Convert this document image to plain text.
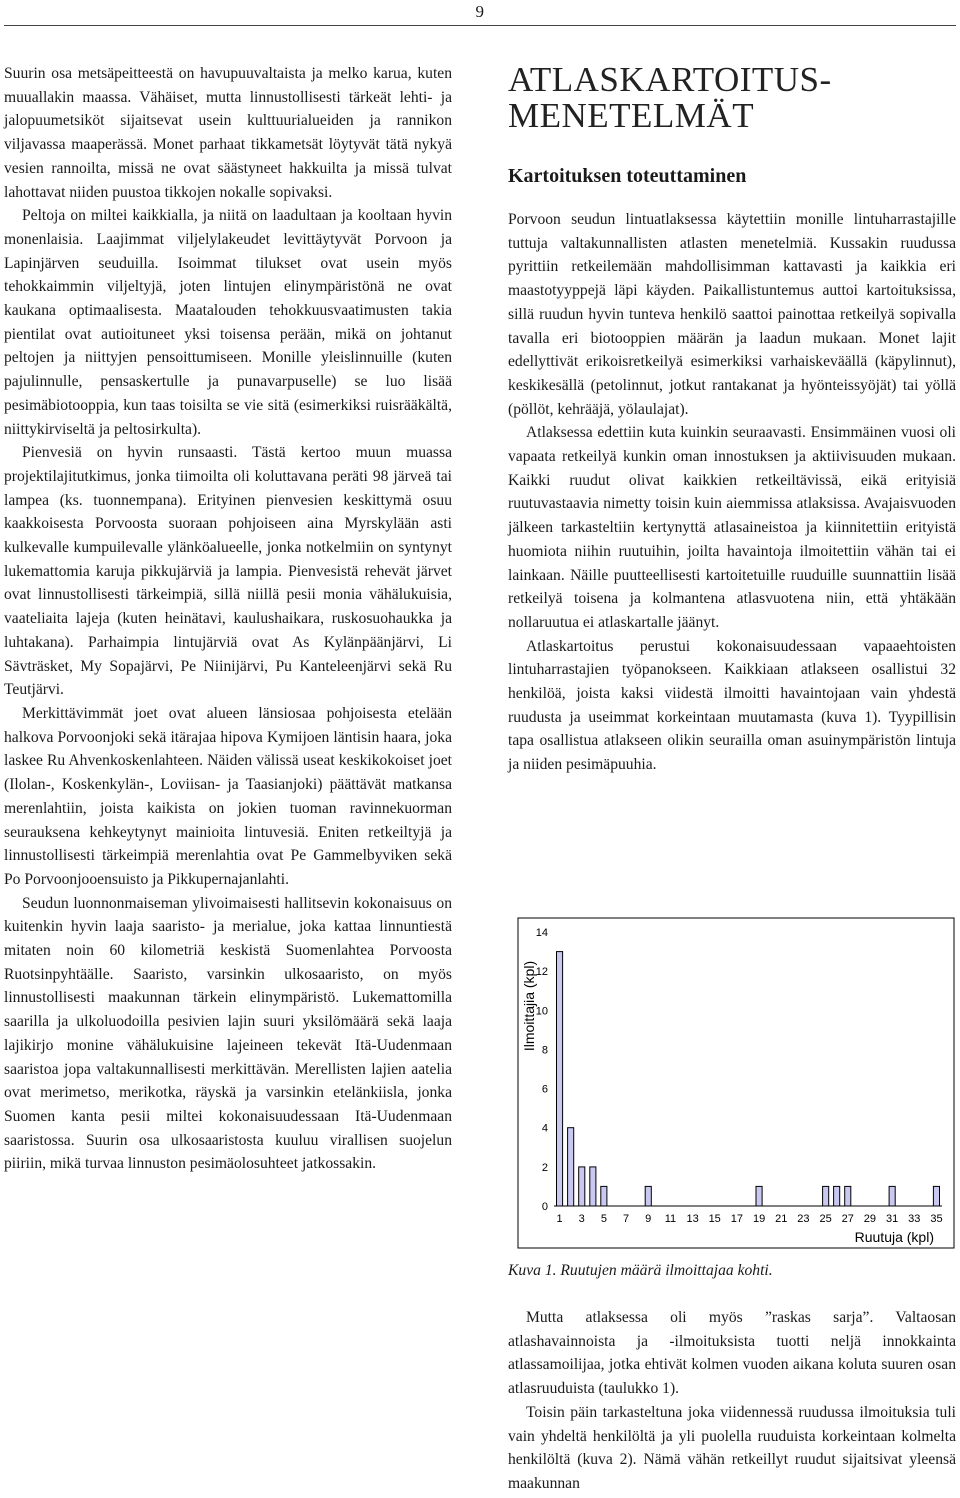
9

Suurin osa metsäpeitteestä on havupuuvaltaista ja melko karua, kuten muuallakin maassa. Vähäiset, mutta linnustollisesti tärkeät lehti- ja jalopuumetsiköt sijaitsevat usein kulttuurialueiden ja rannikon viljavassa maaperässä. Monet parhaat tikkametsät löytyvät tätä nykyä vesien rannoilta, missä ne ovat säästyneet hakkuilta ja missä tulvat lahottavat niiden puustoa tikkojen nokalle sopivaksi.

Peltoja on miltei kaikkialla, ja niitä on laadultaan ja kooltaan hyvin monenlaisia. Laajimmat viljelylakeudet levittäytyvät Porvoon ja Lapinjärven seuduilla. Isoimmat tilukset ovat usein myös tehokkaimmin viljeltyjä, joten lintujen elinympäristönä ne ovat kaukana optimaalisesta. Maatalouden tehokkuusvaatimusten takia pientilat ovat autioituneet yksi toisensa perään, mikä on johtanut peltojen ja niittyjen pensoittumiseen. Monille yleislinnuille (kuten pajulinnulle, pensaskertulle ja punavarpuselle) se luo lisää pesimäbiotooppia, kun taas toisilta se vie sitä (esimerkiksi ruisrääkältä, niittykirviseltä ja peltosirkulta).

Pienvesiä on hyvin runsaasti. Tästä kertoo muun muassa projektilajitutkimus, jonka tiimoilta oli koluttavana peräti 98 järveä tai lampea (ks. tuonnempana). Erityinen pienvesien keskittymä osuu kaakkoisesta Porvoosta suoraan pohjoiseen aina Myrskylään asti kulkevalle kumpuilevalle ylänköalueelle, jonka notkelmiin on syntynyt lukemattomia karuja pikkujärviä ja lampia. Pienvesistä rehevät järvet ovat linnustollisesti tärkeimpiä, sillä niillä pesii monia vähälukuisia, vaateliaita lajeja (kuten heinätavi, kaulushaikara, ruskosuohaukka ja luhtakana). Parhaimpia lintujärviä ovat As Kylänpäänjärvi, Li Sävträsket, My Sopajärvi, Pe Niinijärvi, Pu Kanteleenjärvi sekä Ru Teutjärvi.

Merkittävimmät joet ovat alueen länsiosaa pohjoisesta etelään halkova Porvoonjoki sekä itärajaa hipova Kymijoen läntisin haara, joka laskee Ru Ahvenkoskenlahteen. Näiden välissä useat keskikokoiset joet (Ilolan-, Koskenkylän-, Loviisan- ja Taasianjoki) päättävät matkansa merenlahtiin, joista kaikista on jokien tuoman ravinnekuorman seurauksena kehkeytynyt mainioita lintuvesiä. Eniten retkeiltyjä ja linnustollisesti tärkeimpiä merenlahtia ovat Pe Gammelbyviken sekä Po Porvoonjooensuisto ja Pikkupernajanlahti.

Seudun luonnonmaiseman ylivoimaisesti hallitsevin kokonaisuus on kuitenkin hyvin laaja saaristo- ja merialue, joka kattaa linnuntiestä mitaten noin 60 kilometriä keskistä Suomenlahtea Porvoosta Ruotsinpyhtäälle. Saaristo, varsinkin ulkosaaristo, on myös linnustollisesti maakunnan tärkein elinympäristö. Lukemattomilla saarilla ja ulkoluodoilla pesivien lajin suuri yksilömäärä sekä laaja lajikirjo monine vähälukuisine lajeineen tekevät Itä-Uudenmaan saaristoa jopa valtakunnallisesti merkittävän. Merellisten lajien aatelia ovat merimetso, merikotka, räyskä ja varsinkin etelänkiisla, jonka Suomen kanta pesii miltei kokonaisuudessaan Itä-Uudenmaan saaristossa. Suurin osa ulkosaaristosta kuuluu virallisen suojelun piiriin, mikä turvaa linnuston pesimäolosuhteet jatkossakin.

ATLASKARTOITUS-
MENETELMÄT
Kartoituksen toteuttaminen

Porvoon seudun lintuatlaksessa käytettiin monille lintuharrastajille tuttuja valtakunnallisten atlasten menetelmiä. Kussakin ruudussa pyrittiin retkeilemään mahdollisimman kattavasti ja kaikkia eri maastotyyppejä läpi käyden. Paikallistuntemus auttoi kartoituksissa, sillä ruudun hyvin tunteva henkilö saattoi painottaa retkeilyä sopivalla tavalla eri biotooppien määrän ja laadun mukaan. Monet lajit edellyttivät erikoisretkeilyä esimerkiksi varhaiskeväällä (käpylinnut), keskikesällä (petolinnut, jotkut rantakanat ja hyönteissyöjät) tai yöllä (pöllöt, kehrääjä, yölaulajat).

Atlaksessa edettiin kuta kuinkin seuraavasti. Ensimmäinen vuosi oli vapaata retkeilyä kunkin oman innostuksen ja aktiivisuuden mukaan. Kaikki ruudut olivat kaikkien retkeiltävissä, eikä erityisiä ruutuvastaavia nimetty toisin kuin aiemmissa atlaksissa. Avajaisvuoden jälkeen tarkasteltiin kertynyttä atlasaineistoa ja kiinnitettiin erityistä huomiota niihin ruutuihin, joilta havaintoja ilmoitettiin vähän tai ei lainkaan. Näille puutteellisesti kartoitetuille ruuduille suunnattiin lisää retkeilyä toisena ja kolmantena atlasvuotena niin, että yhtäkään nollaruutua ei atlaskartalle jäänyt.

Atlaskartoitus perustui kokonaisuudessaan vapaaehtoisten lintuharrastajien työpanokseen. Kaikkiaan atlakseen osallistui 32 henkilöä, joista kaksi viidestä ilmoitti havaintojaan vain yhdestä ruudusta ja useimmat korkeintaan muutamasta (kuva 1). Tyypillisin tapa osallistua atlakseen olikin seurailla oman asuinympäristön lintuja ja niiden pesimäpuuhia.

Ilmoittajia (kpl)
Ruutuja (kpl)
0
2
4
6
8
10
12
14
1 3 5 7 9 11 13 15 17 19 21 23 25 27 29 31 33 35
Kuva 1. Ruutujen määrä ilmoittajaa kohti.

Mutta atlaksessa oli myös ”raskas sarja”. Valtaosan atlashavainnoista ja -ilmoituksista tuotti neljä innokkainta atlassamoilijaa, jotka ehtivät kolmen vuoden aikana koluta suuren osan atlasruuduista (taulukko 1).

Toisin päin tarkasteltuna joka viidennessä ruudussa ilmoituksia tuli vain yhdeltä henkilöltä ja yli puolella ruuduista korkeintaan kolmelta henkilöltä (kuva 2). Nämä vähän retkeillyt ruudut sijaitsivat yleensä maakunnan
